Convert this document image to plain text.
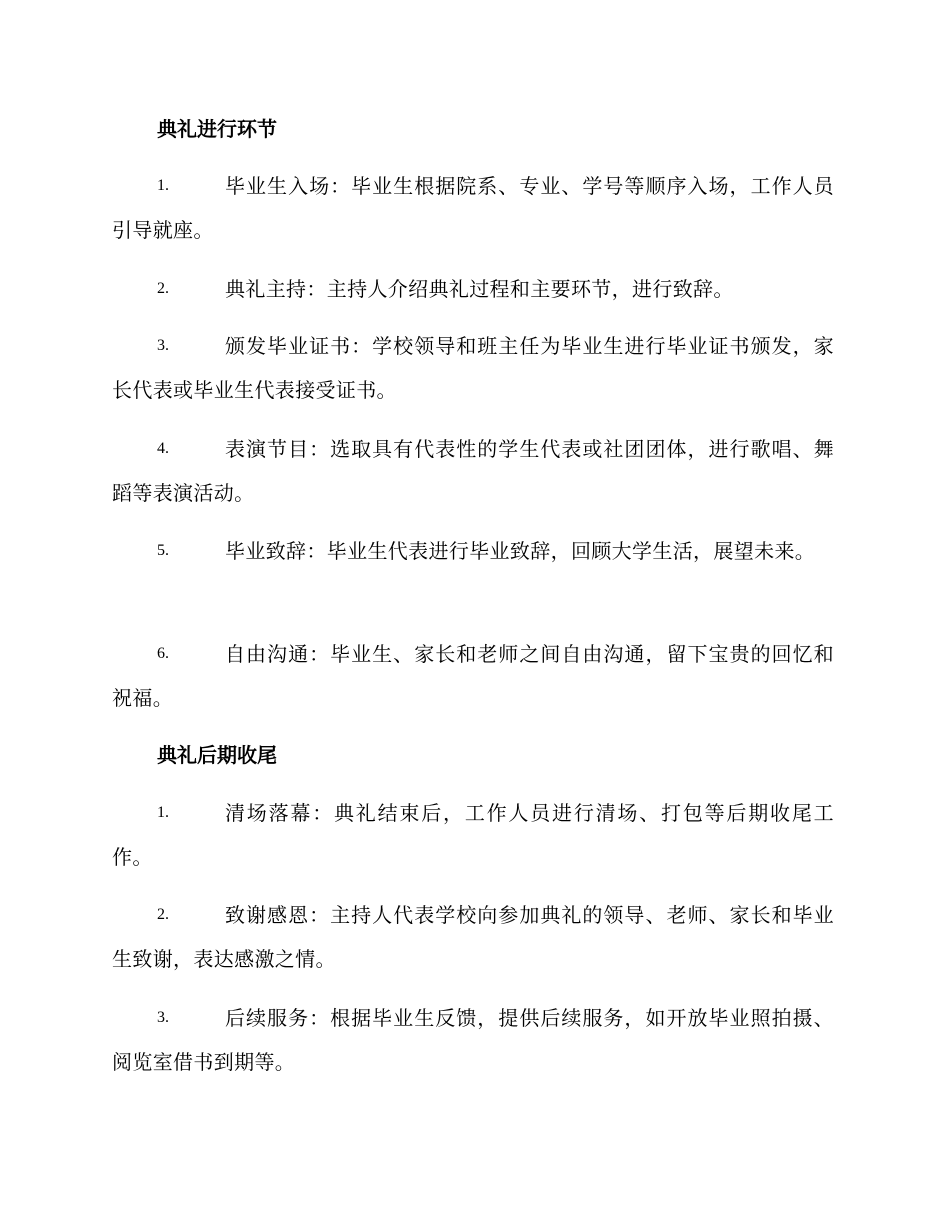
典礼进行环节
1.	毕业生入场：毕业生根据院系、专业、学号等顺序入场，工作人员引导就座。

2.	典礼主持：主持人介绍典礼过程和主要环节，进行致辞。

3.	颁发毕业证书：学校领导和班主任为毕业生进行毕业证书颁发，家长代表或毕业生代表接受证书。

4.	表演节目：选取具有代表性的学生代表或社团团体，进行歌唱、舞蹈等表演活动。

5.	毕业致辞：毕业生代表进行毕业致辞，回顾大学生活，展望未来。

6.	自由沟通：毕业生、家长和老师之间自由沟通，留下宝贵的回忆和祝福。

典礼后期收尾
1.	清场落幕：典礼结束后，工作人员进行清场、打包等后期收尾工作。

2.	致谢感恩：主持人代表学校向参加典礼的领导、老师、家长和毕业生致谢，表达感激之情。

3.	后续服务：根据毕业生反馈，提供后续服务，如开放毕业照拍摄、阅览室借书到期等。
